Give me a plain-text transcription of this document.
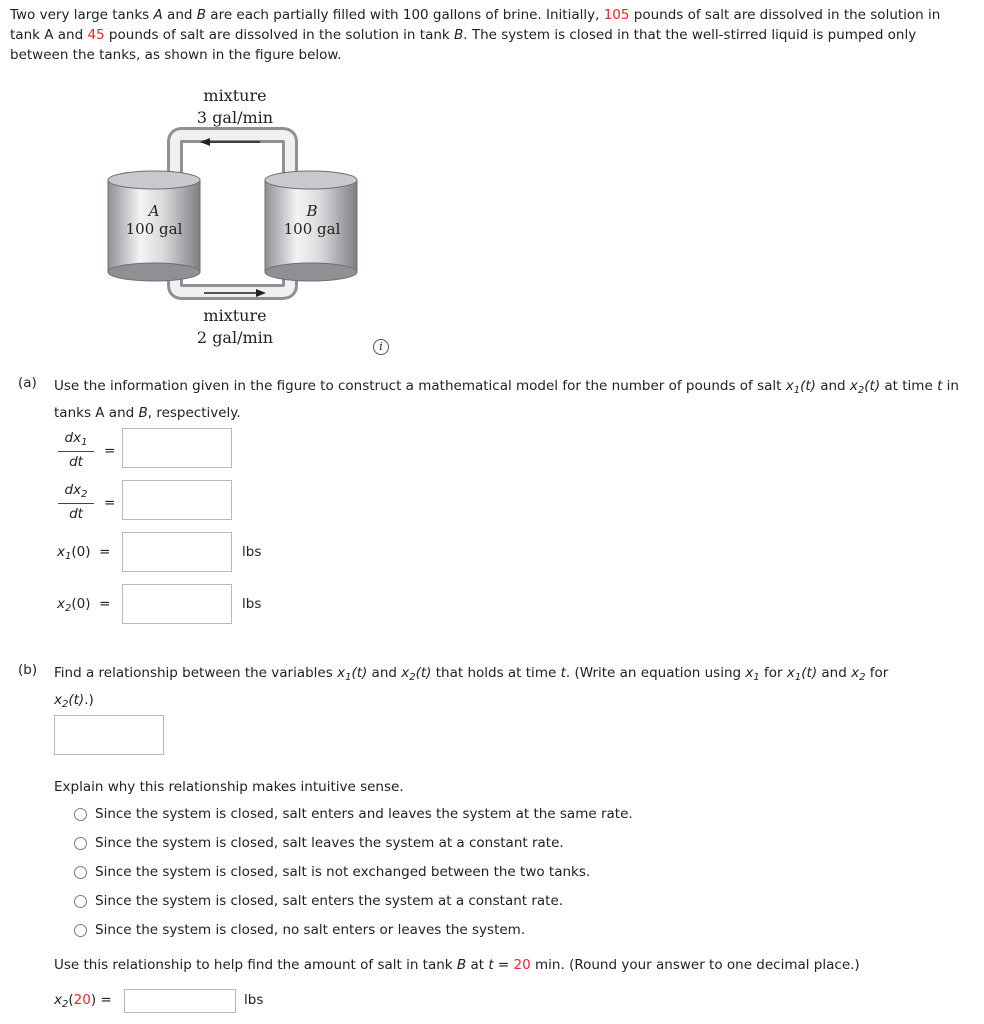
Two very large tanks A and B are each partially filled with 100 gallons of brine. Initially, 105 pounds of salt are dissolved in the solution in tank A and 45 pounds of salt are dissolved in the solution in tank B. The system is closed in that the well-stirred liquid is pumped only between the tanks, as shown in the figure below.
mixture
3 gal/min
A
100 gal
B
100 gal
mixture
2 gal/min	i
(a) Use the information given in the figure to construct a mathematical model for the number of pounds of salt $x_1(t)$ and $x_2(t)$ at time t in tanks A and B, respectively.
$dx_1$
dt
=
$dx_2$
dt
=
$x_1(0)$  =	lbs
$x_2(0)$  =	lbs
(b) Find a relationship between the variables $x_1(t)$ and $x_2(t)$ that holds at time t. (Write an equation using $x_1$ for $x_1(t)$ and $x_2$ for
$x_2(t)$.)
Explain why this relationship makes intuitive sense.
Since the system is closed, salt enters and leaves the system at the same rate.
Since the system is closed, salt leaves the system at a constant rate.
Since the system is closed, salt is not exchanged between the two tanks.
Since the system is closed, salt enters the system at a constant rate.
Since the system is closed, no salt enters or leaves the system.
Use this relationship to help find the amount of salt in tank B at t = 20 min. (Round your answer to one decimal place.)
$x_2(20)$ =	lbs
